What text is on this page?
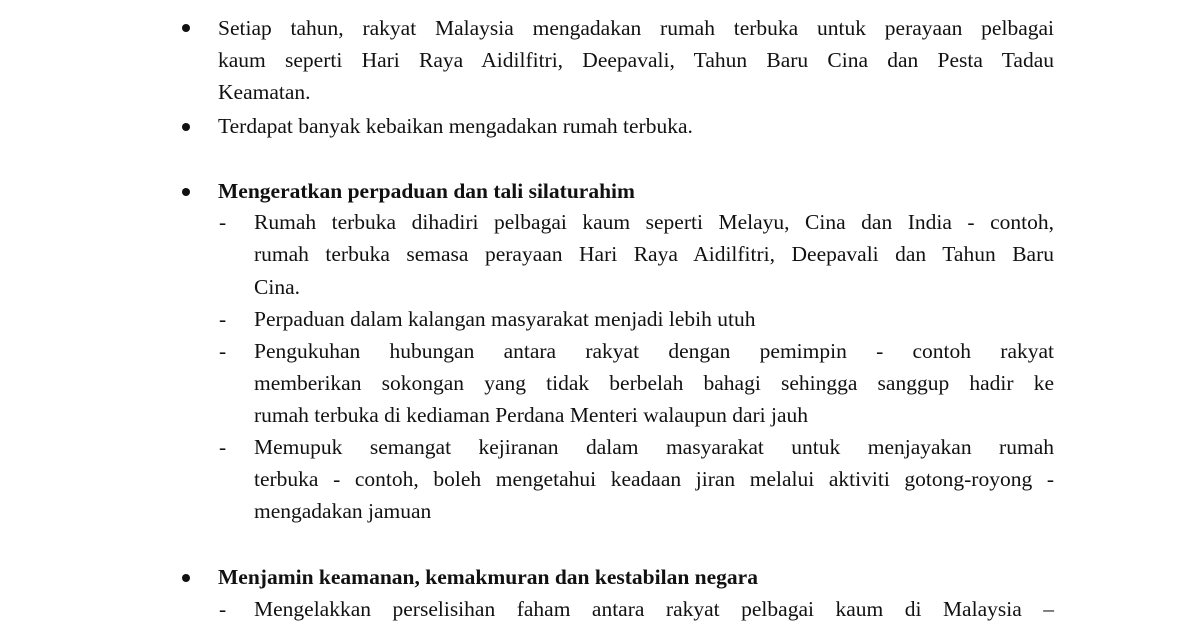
Setiap tahun, rakyat Malaysia mengadakan rumah terbuka untuk perayaan pelbagai
kaum seperti Hari Raya Aidilfitri, Deepavali, Tahun Baru Cina dan Pesta Tadau
Keamatan.
Terdapat banyak kebaikan mengadakan rumah terbuka.
Mengeratkan perpaduan dan tali silaturahim
- Rumah terbuka dihadiri pelbagai kaum seperti Melayu, Cina dan India - contoh,
rumah terbuka semasa perayaan Hari Raya Aidilfitri, Deepavali dan Tahun Baru
Cina.
- Perpaduan dalam kalangan masyarakat menjadi lebih utuh
- Pengukuhan hubungan antara rakyat dengan pemimpin - contoh rakyat
memberikan sokongan yang tidak berbelah bahagi sehingga sanggup hadir ke
rumah terbuka di kediaman Perdana Menteri walaupun dari jauh
- Memupuk semangat kejiranan dalam masyarakat untuk menjayakan rumah
terbuka - contoh, boleh mengetahui keadaan jiran melalui aktiviti gotong-royong -
mengadakan jamuan
Menjamin keamanan, kemakmuran dan kestabilan negara
- Mengelakkan perselisihan faham antara rakyat pelbagai kaum di Malaysia –
